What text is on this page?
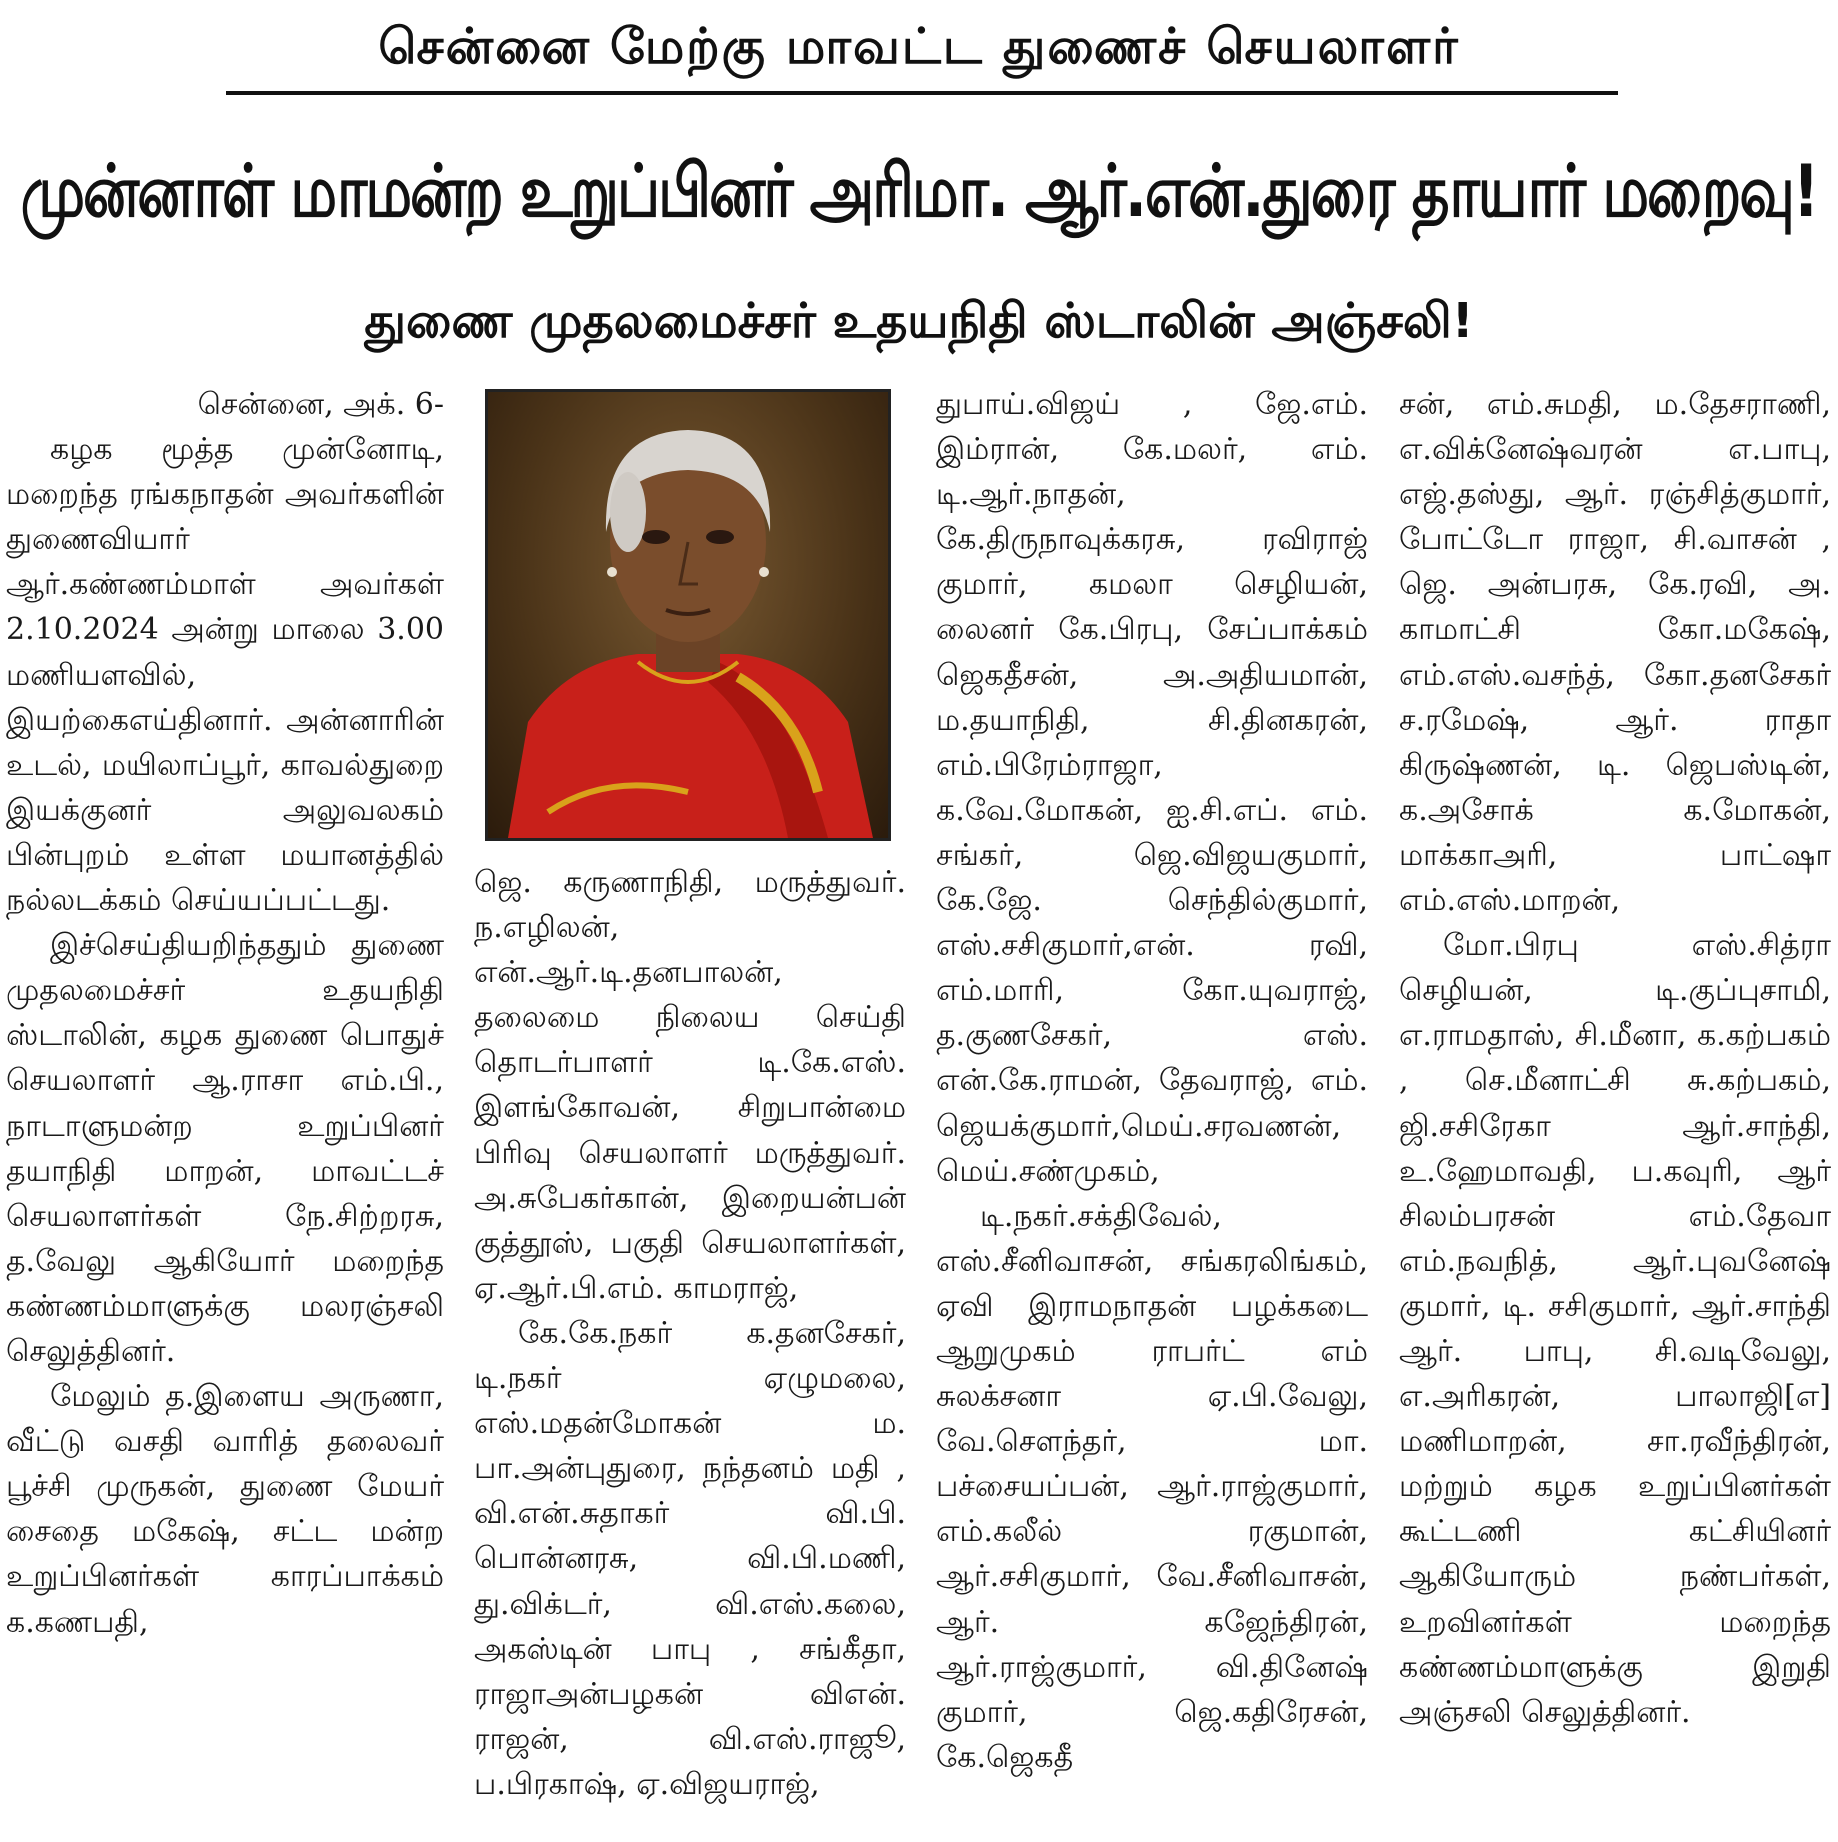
சென்னை மேற்கு மாவட்ட துணைச் செயலாளர்
முன்னாள் மாமன்ற உறுப்பினர் அரிமா. ஆர்.என்.துரை தாயார் மறைவு!
துணை முதலமைச்சர் உதயநிதி ஸ்டாலின் அஞ்சலி!

சென்னை, அக். 6-

கழக மூத்த முன்னோடி, மறைந்த ரங்கநாதன் அவர்களின் துணைவியார் ஆர்.கண்ணம்மாள் அவர்கள் 2.10.2024 அன்று மாலை 3.00 மணியளவில், இயற்கைஎய்தினார். அன்னாரின் உடல், மயிலாப்பூர், காவல்துறை இயக்குனர் அலுவலகம் பின்புறம் உள்ள மயானத்தில் நல்லடக்கம் செய்யப்பட்டது.

இச்செய்தியறிந்ததும் துணை முதலமைச்சர் உதயநிதி ஸ்டாலின், கழக துணை பொதுச் செயலாளர் ஆ.ராசா எம்.பி., நாடாளுமன்ற உறுப்பினர் தயாநிதி மாறன், மாவட்டச் செயலாளர்கள் நே.சிற்றரசு, த.வேலு ஆகியோர் மறைந்த கண்ணம்மாளுக்கு மலரஞ்சலி செலுத்தினர்.

மேலும் த.இளைய அருணா, வீட்டு வசதி வாரித் தலைவர் பூச்சி முருகன், துணை மேயர் சைதை மகேஷ், சட்ட மன்ற உறுப்பினர்கள் காரப்பாக்கம் க.கணபதி,

ஜெ. கருணாநிதி, மருத்துவர். ந.எழிலன், என்.ஆர்.டி.தனபாலன், தலைமை நிலைய செய்தி தொடர்பாளர் டி.கே.எஸ். இளங்கோவன், சிறுபான்மை பிரிவு செயலாளர் மருத்துவர். அ.சுபேகர்கான், இறையன்பன் குத்தூஸ், பகுதி செயலாளர்கள், ஏ.ஆர்.பி.எம். காமராஜ்,

கே.கே.நகர் க.தனசேகர், டி.நகர் ஏழுமலை, எஸ்.மதன்மோகன் ம. பா.அன்புதுரை, நந்தனம் மதி , வி.என்.சுதாகர் வி.பி. பொன்னரசு, வி.பி.மணி, து.விக்டர், வி.எஸ்.கலை, அகஸ்டின் பாபு , சங்கீதா, ராஜாஅன்பழகன் விஎன். ராஜன், வி.எஸ்.ராஜூ, ப.பிரகாஷ், ஏ.விஜயராஜ்,

துபாய்.விஜய் , ஜே.எம். இம்ரான், கே.மலர், எம். டி.ஆர்.நாதன், கே.திருநாவுக்கரசு, ரவிராஜ் குமார், கமலா செழியன், லைனர் கே.பிரபு, சேப்பாக்கம் ஜெகதீசன், அ.அதியமான், ம.தயாநிதி, சி.தினகரன், எம்.பிரேம்ராஜா, க.வே.மோகன், ஐ.சி.எப். எம். சங்கர், ஜெ.விஜயகுமார், கே.ஜே. செந்தில்குமார், எஸ்.சசிகுமார்,என். ரவி, எம்.மாரி, கோ.யுவராஜ், த.குணசேகர், எஸ். என்.கே.ராமன், தேவராஜ், எம். ஜெயக்குமார்,மெய்.சரவணன், மெய்.சண்முகம்,

டி.நகர்.சக்திவேல், எஸ்.சீனிவாசன், சங்கரலிங்கம், ஏவி இராமநாதன் பழக்கடை ஆறுமுகம் ராபர்ட் எம் சுலக்சனா ஏ.பி.வேலு, வே.சௌந்தர், மா. பச்சையப்பன், ஆர்.ராஜ்குமார், எம்.கலீல் ரகுமான், ஆர்.சசிகுமார், வே.சீனிவாசன், ஆர். கஜேந்திரன், ஆர்.ராஜ்குமார், வி.தினேஷ் குமார், ஜெ.கதிரேசன், கே.ஜெகதீ

சன், எம்.சுமதி, ம.தேசராணி, எ.விக்னேஷ்வரன் எ.பாபு, எஜ்.தஸ்து, ஆர். ரஞ்சித்குமார், போட்டோ ராஜா, சி.வாசன் , ஜெ. அன்பரசு, கே.ரவி, அ. காமாட்சி கோ.மகேஷ், எம்.எஸ்.வசந்த், கோ.தனசேகர் ச.ரமேஷ், ஆர். ராதா கிருஷ்ணன், டி. ஜெபஸ்டின், க.அசோக் க.மோகன், மாக்காஅரி, பாட்ஷா எம்.எஸ்.மாறன்,

மோ.பிரபு எஸ்.சித்ரா செழியன், டி.குப்புசாமி, எ.ராமதாஸ், சி.மீனா, க.கற்பகம் , செ.மீனாட்சி சு.கற்பகம், ஜி.சசிரேகா ஆர்.சாந்தி, உ.ஹேமாவதி, ப.கவுரி, ஆர் சிலம்பரசன் எம்.தேவா எம்.நவநித், ஆர்.புவனேஷ் குமார், டி. சசிகுமார், ஆர்.சாந்தி ஆர். பாபு, சி.வடிவேலு, எ.அரிகரன், பாலாஜி[எ] மணிமாறன், சா.ரவீந்திரன், மற்றும் கழக உறுப்பினர்கள் கூட்டணி கட்சியினர் ஆகியோரும் நண்பர்கள், உறவினர்கள் மறைந்த கண்ணம்மாளுக்கு இறுதி அஞ்சலி செலுத்தினர்.
